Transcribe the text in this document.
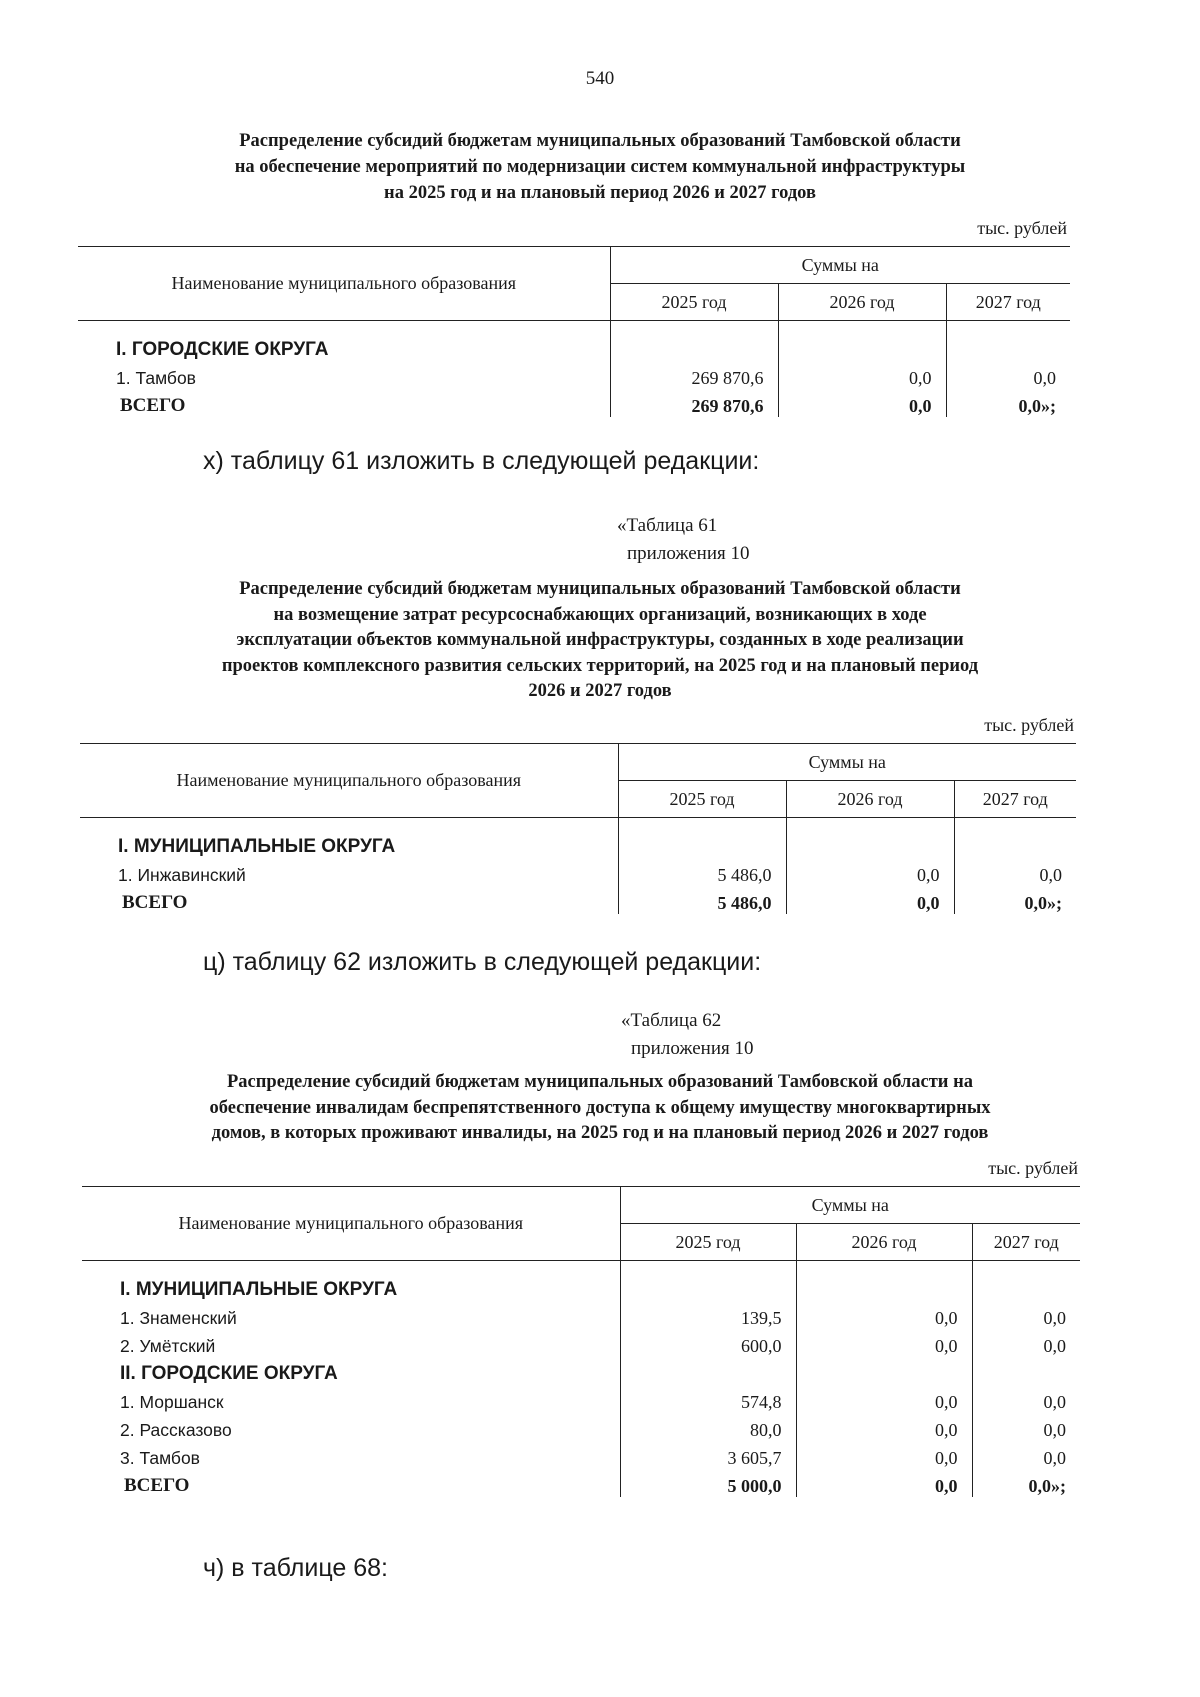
540
Распределение субсидий бюджетам муниципальных образований Тамбовской области
на обеспечение мероприятий по модернизации систем коммунальной инфраструктуры
на 2025 год и на плановый период 2026 и 2027 годов
тыс. рублей
Наименование муниципального образования	Суммы на		
	2025 год	2026 год	2027 год

I. ГОРОДСКИЕ ОКРУГА			
1. Тамбов	269 870,6	0,0	0,0
ВСЕГО	269 870,6	0,0	0,0»;
х) таблицу 61 изложить в следующей редакции:
«Таблица 61
приложения 10
Распределение субсидий бюджетам муниципальных образований Тамбовской области
на возмещение затрат ресурсоснабжающих организаций, возникающих в ходе
эксплуатации объектов коммунальной инфраструктуры, созданных в ходе реализации
проектов комплексного развития сельских территорий, на 2025 год и на плановый период
2026 и 2027 годов
тыс. рублей
Наименование муниципального образования	Суммы на		
	2025 год	2026 год	2027 год

I. МУНИЦИПАЛЬНЫЕ ОКРУГА			
1. Инжавинский	5 486,0	0,0	0,0
ВСЕГО	5 486,0	0,0	0,0»;
ц) таблицу 62 изложить в следующей редакции:
«Таблица 62
приложения 10
Распределение субсидий бюджетам муниципальных образований Тамбовской области на
обеспечение инвалидам беспрепятственного доступа к общему имуществу многоквартирных
домов, в которых проживают инвалиды, на 2025 год и на плановый период 2026 и 2027 годов
тыс. рублей
Наименование муниципального образования	Суммы на		
	2025 год	2026 год	2027 год

I. МУНИЦИПАЛЬНЫЕ ОКРУГА			
1. Знаменский	139,5	0,0	0,0
2. Умётский	600,0	0,0	0,0
II. ГОРОДСКИЕ ОКРУГА			
1. Моршанск	574,8	0,0	0,0
2. Рассказово	80,0	0,0	0,0
3. Тамбов	3 605,7	0,0	0,0
ВСЕГО	5 000,0	0,0	0,0»;
ч) в таблице 68:
